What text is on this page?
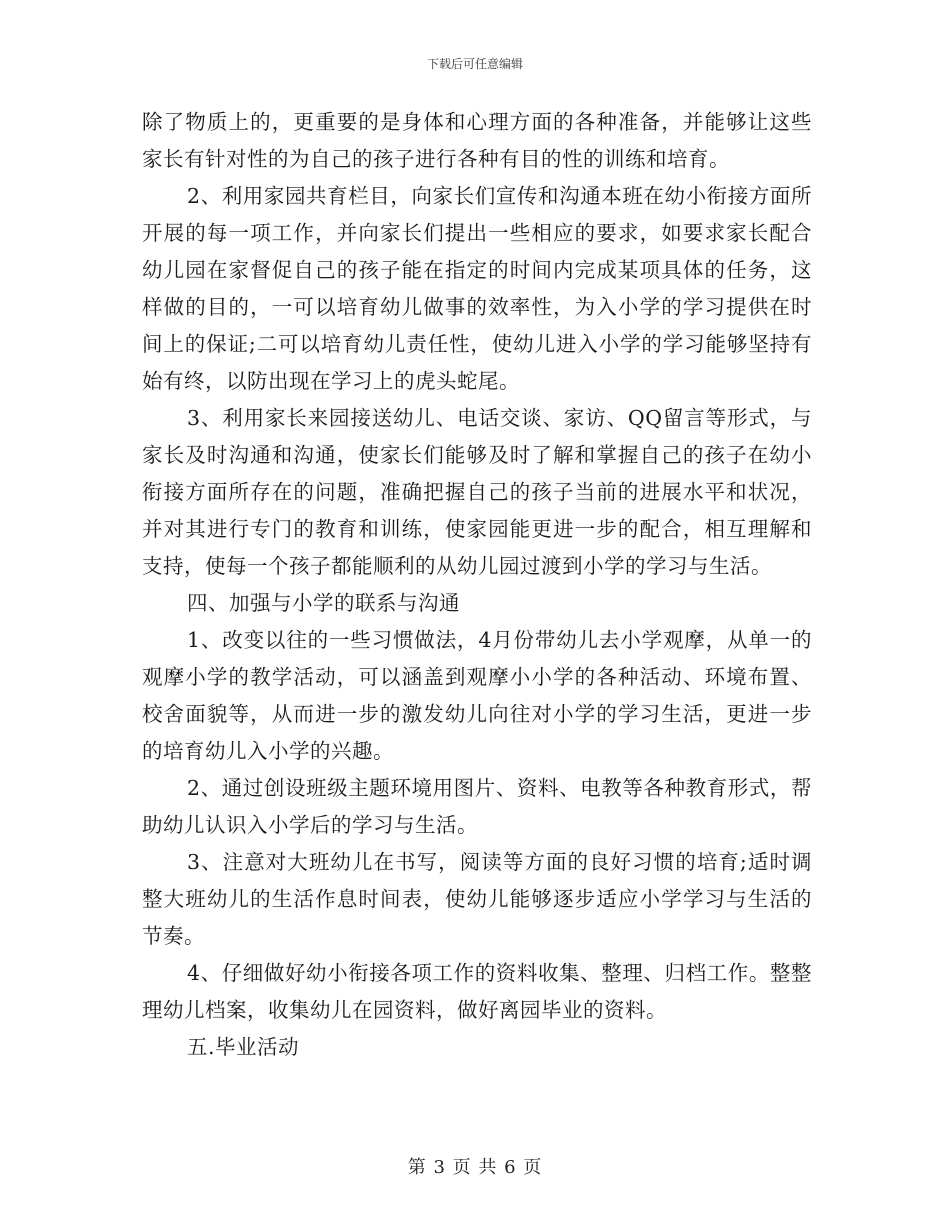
下载后可任意编辑

除了物质上的，更重要的是身体和心理方面的各种准备，并能够让这些家长有针对性的为自己的孩子进行各种有目的性的训练和培育。

2、利用家园共育栏目，向家长们宣传和沟通本班在幼小衔接方面所开展的每一项工作，并向家长们提出一些相应的要求，如要求家长配合幼儿园在家督促自己的孩子能在指定的时间内完成某项具体的任务，这样做的目的，一可以培育幼儿做事的效率性，为入小学的学习提供在时间上的保证;二可以培育幼儿责任性，使幼儿进入小学的学习能够坚持有始有终，以防出现在学习上的虎头蛇尾。

3、利用家长来园接送幼儿、电话交谈、家访、QQ留言等形式，与家长及时沟通和沟通，使家长们能够及时了解和掌握自己的孩子在幼小衔接方面所存在的问题，准确把握自己的孩子当前的进展水平和状况，并对其进行专门的教育和训练，使家园能更进一步的配合，相互理解和支持，使每一个孩子都能顺利的从幼儿园过渡到小学的学习与生活。

四、加强与小学的联系与沟通

1、改变以往的一些习惯做法，4月份带幼儿去小学观摩，从单一的观摩小学的教学活动，可以涵盖到观摩小小学的各种活动、环境布置、校舍面貌等，从而进一步的激发幼儿向往对小学的学习生活，更进一步的培育幼儿入小学的兴趣。

2、通过创设班级主题环境用图片、资料、电教等各种教育形式，帮助幼儿认识入小学后的学习与生活。

3、注意对大班幼儿在书写，阅读等方面的良好习惯的培育;适时调整大班幼儿的生活作息时间表，使幼儿能够逐步适应小学学习与生活的节奏。

4、仔细做好幼小衔接各项工作的资料收集、整理、归档工作。整整理幼儿档案，收集幼儿在园资料，做好离园毕业的资料。

五.毕业活动

第 3 页 共 6 页
